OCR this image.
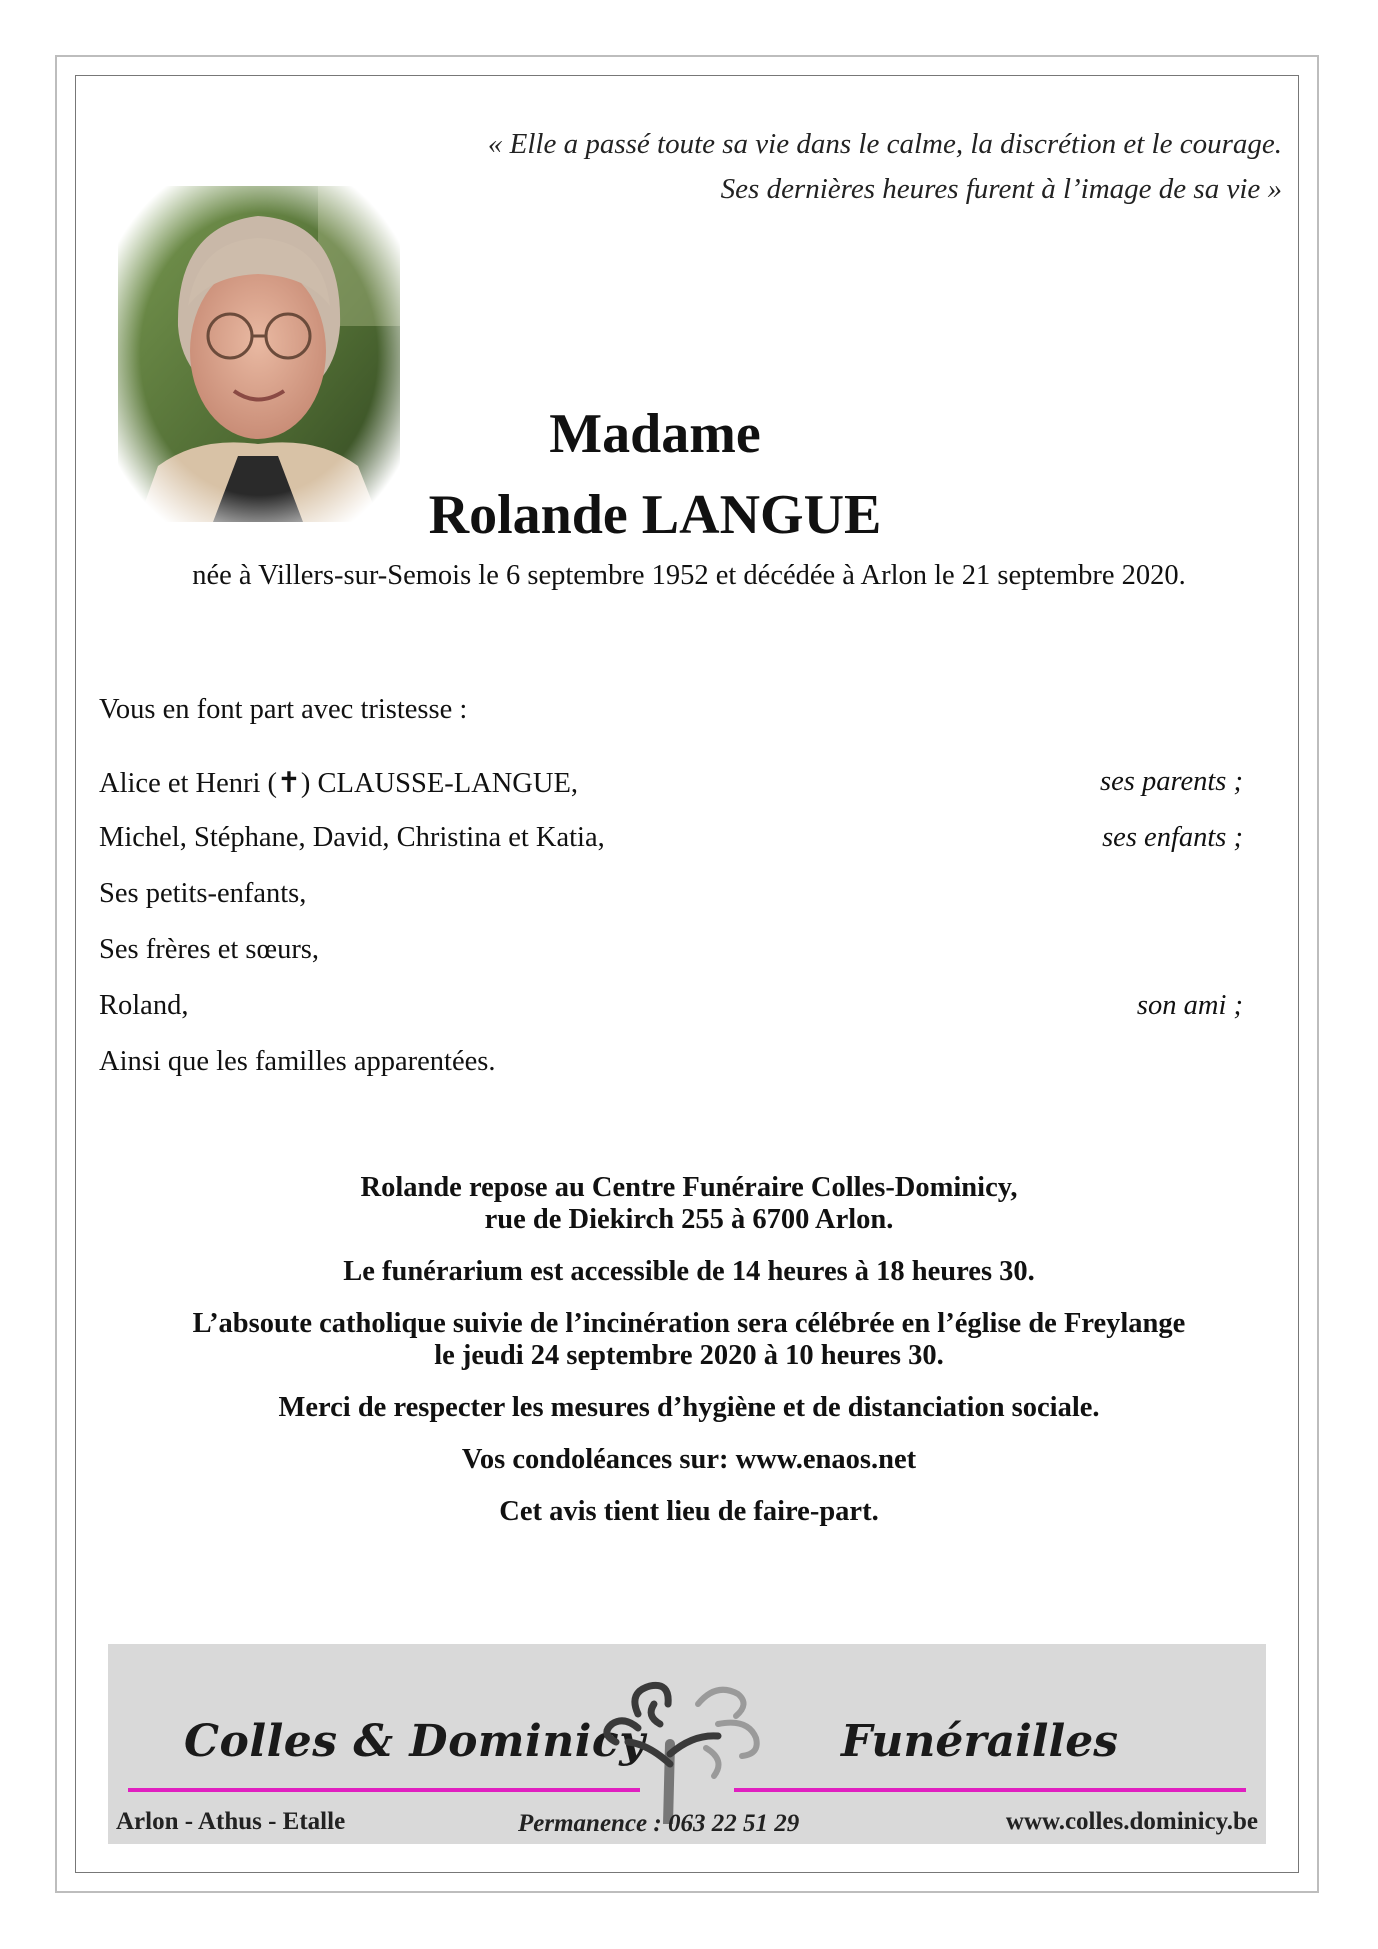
« Elle a passé toute sa vie dans le calme, la discrétion et le courage.
Ses dernières heures furent à l’image de sa vie »
Madame
Rolande LANGUE
née à Villers-sur-Semois le 6 septembre 1952 et décédée à Arlon le 21 septembre 2020.
Vous en font part avec tristesse :
Alice et Henri (✝) CLAUSSE-LANGUE,	ses parents ;
Michel, Stéphane, David, Christina et Katia,	ses enfants ;
Ses petits-enfants,
Ses frères et sœurs,
Roland,	son ami ;
Ainsi que les familles apparentées.

Rolande repose au Centre Funéraire Colles-Dominicy,
rue de Diekirch 255 à 6700 Arlon.

Le funérarium est accessible de 14 heures à 18 heures 30.

L’absoute catholique suivie de l’incinération sera célébrée en l’église de Freylange
le jeudi 24 septembre 2020 à 10 heures 30.

Merci de respecter les mesures d’hygiène et de distanciation sociale.

Vos condoléances sur: www.enaos.net

Cet avis tient lieu de faire-part.

Colles & Dominicy	Funérailles
Arlon - Athus - Etalle	Permanence : 063 22 51 29	www.colles.dominicy.be
